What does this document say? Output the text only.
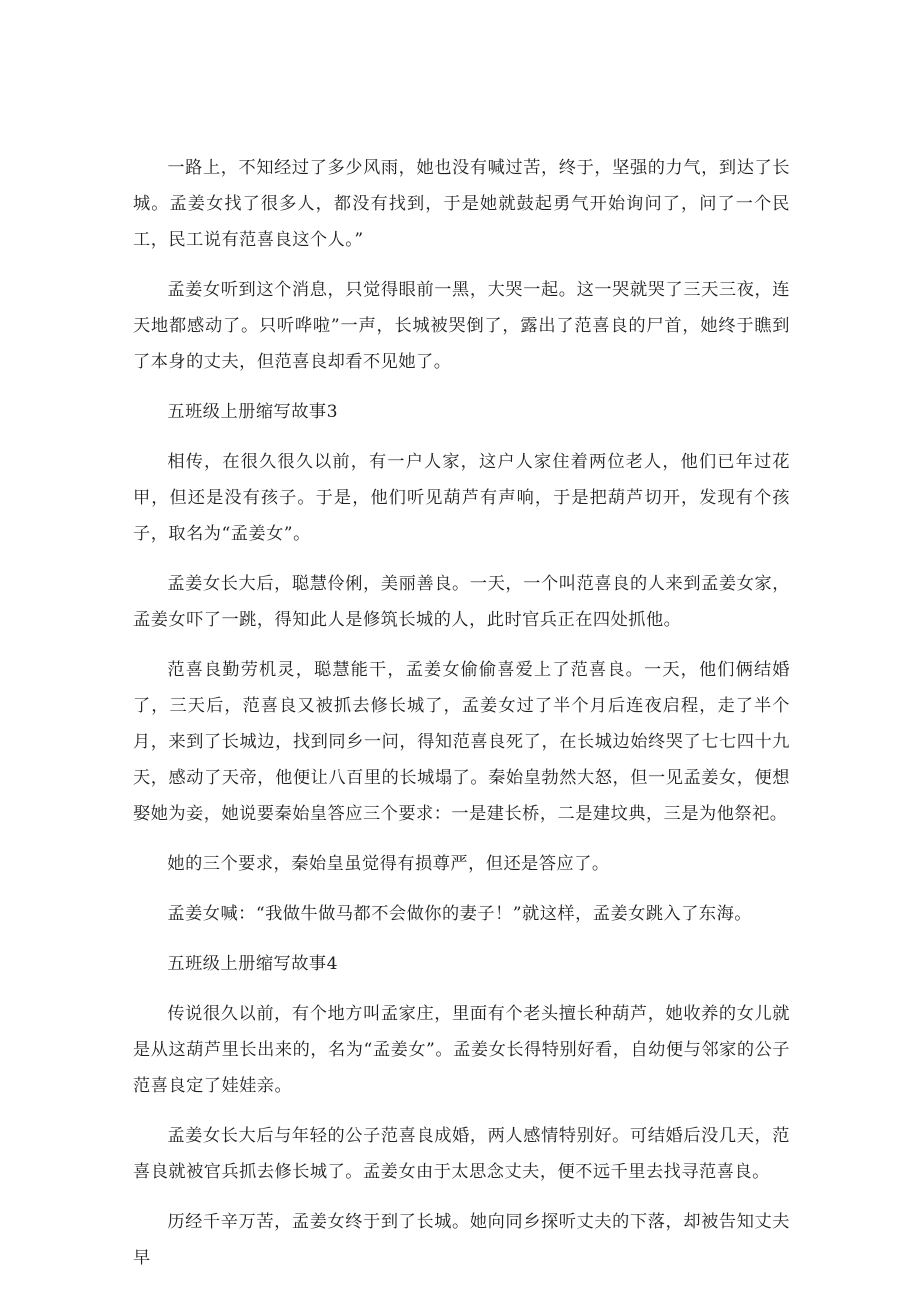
一路上，不知经过了多少风雨，她也没有喊过苦，终于，坚强的力气，到达了长城。孟姜女找了很多人，都没有找到，于是她就鼓起勇气开始询问了，问了一个民工，民工说有范喜良这个人。”

孟姜女听到这个消息，只觉得眼前一黑，大哭一起。这一哭就哭了三天三夜，连天地都感动了。只听哗啦”一声，长城被哭倒了，露出了范喜良的尸首，她终于瞧到了本身的丈夫，但范喜良却看不见她了。

五班级上册缩写故事3

相传，在很久很久以前，有一户人家，这户人家住着两位老人，他们已年过花甲，但还是没有孩子。于是，他们听见葫芦有声响，于是把葫芦切开，发现有个孩子，取名为“孟姜女”。

孟姜女长大后，聪慧伶俐，美丽善良。一天，一个叫范喜良的人来到孟姜女家，孟姜女吓了一跳，得知此人是修筑长城的人，此时官兵正在四处抓他。

范喜良勤劳机灵，聪慧能干，孟姜女偷偷喜爱上了范喜良。一天，他们俩结婚了，三天后，范喜良又被抓去修长城了，孟姜女过了半个月后连夜启程，走了半个月，来到了长城边，找到同乡一问，得知范喜良死了，在长城边始终哭了七七四十九天，感动了天帝，他便让八百里的长城塌了。秦始皇勃然大怒，但一见孟姜女，便想娶她为妾，她说要秦始皇答应三个要求：一是建长桥，二是建坟典，三是为他祭祀。

她的三个要求，秦始皇虽觉得有损尊严，但还是答应了。

孟姜女喊：“我做牛做马都不会做你的妻子！”就这样，孟姜女跳入了东海。

五班级上册缩写故事4

传说很久以前，有个地方叫孟家庄，里面有个老头擅长种葫芦，她收养的女儿就是从这葫芦里长出来的，名为“孟姜女”。孟姜女长得特别好看，自幼便与邻家的公子范喜良定了娃娃亲。

孟姜女长大后与年轻的公子范喜良成婚，两人感情特别好。可结婚后没几天，范喜良就被官兵抓去修长城了。孟姜女由于太思念丈夫，便不远千里去找寻范喜良。

历经千辛万苦，孟姜女终于到了长城。她向同乡探听丈夫的下落，却被告知丈夫早
